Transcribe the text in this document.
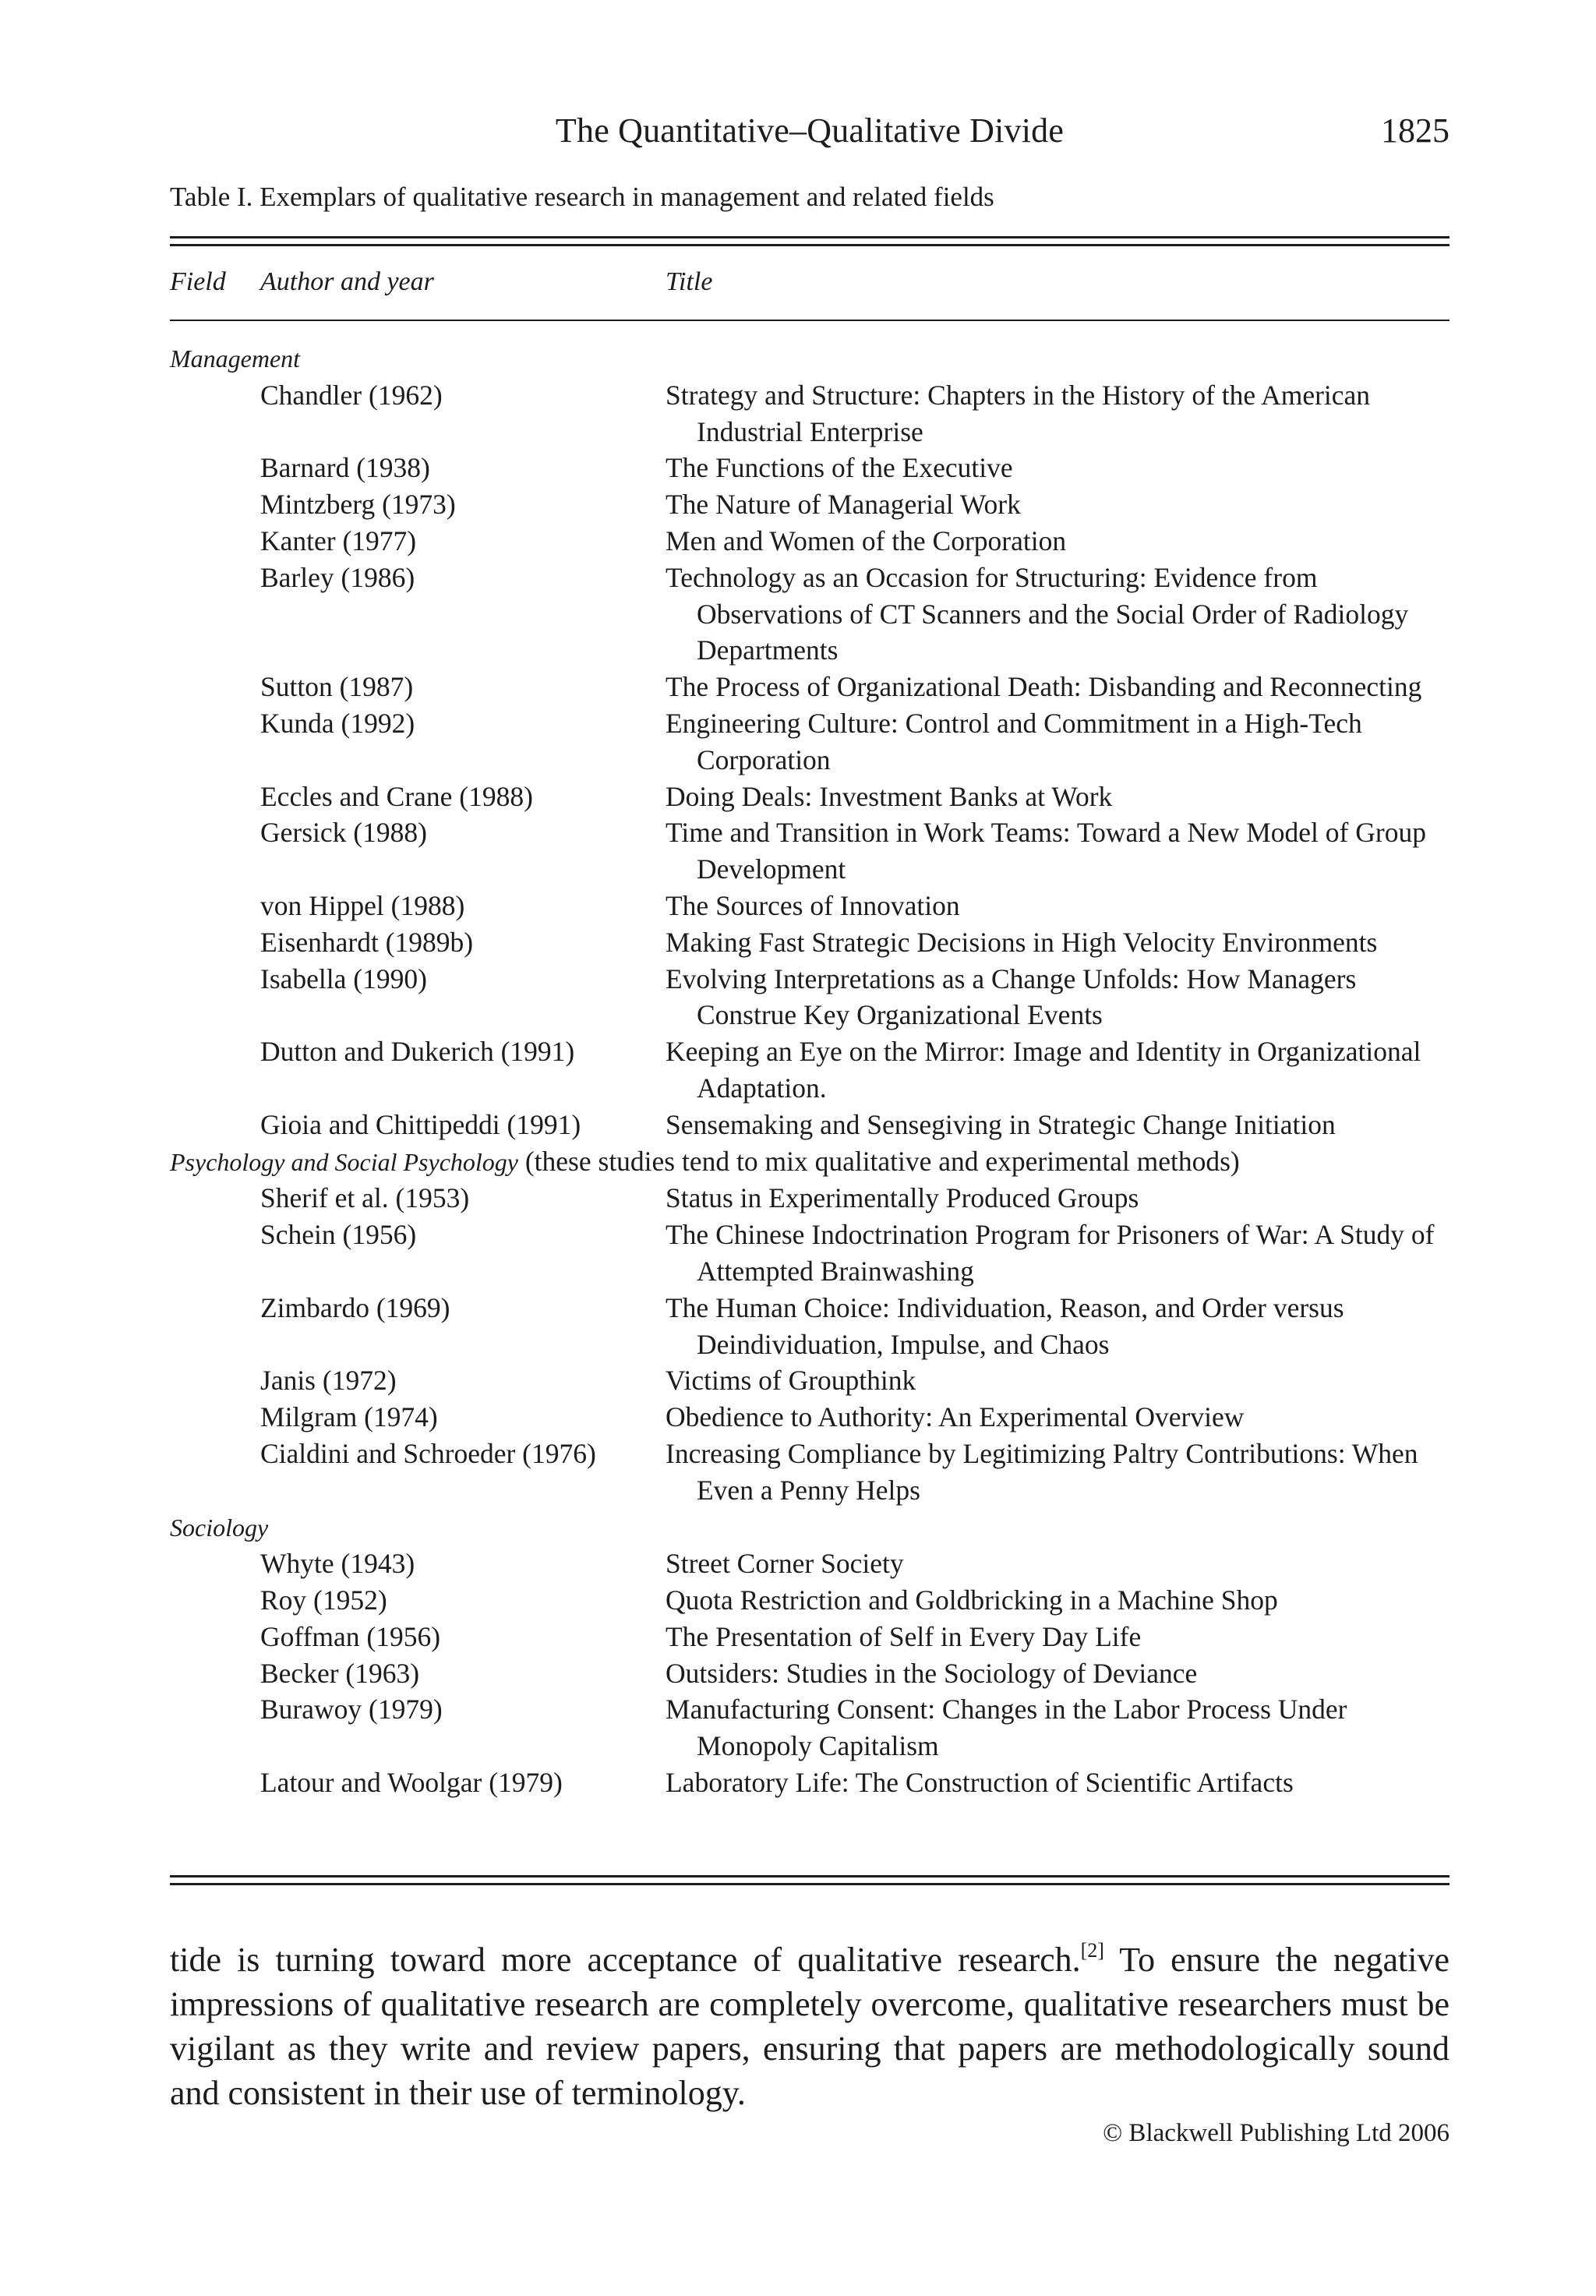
The Quantitative–Qualitative Divide	1825
Table I. Exemplars of qualitative research in management and related fields
Field Author and year	Title
Management
Chandler (1962)	Strategy and Structure: Chapters in the History of the American Industrial Enterprise
Barnard (1938)	The Functions of the Executive
Mintzberg (1973)	The Nature of Managerial Work
Kanter (1977)	Men and Women of the Corporation
Barley (1986)	Technology as an Occasion for Structuring: Evidence from Observations of CT Scanners and the Social Order of Radiology Departments
Sutton (1987)	The Process of Organizational Death: Disbanding and Reconnecting
Kunda (1992)	Engineering Culture: Control and Commitment in a High-Tech Corporation
Eccles and Crane (1988)	Doing Deals: Investment Banks at Work
Gersick (1988)	Time and Transition in Work Teams: Toward a New Model of Group Development
von Hippel (1988)	The Sources of Innovation
Eisenhardt (1989b)	Making Fast Strategic Decisions in High Velocity Environments
Isabella (1990)	Evolving Interpretations as a Change Unfolds: How Managers Construe Key Organizational Events
Dutton and Dukerich (1991)	Keeping an Eye on the Mirror: Image and Identity in Organizational Adaptation.
Gioia and Chittipeddi (1991)	Sensemaking and Sensegiving in Strategic Change Initiation
Psychology and Social Psychology (these studies tend to mix qualitative and experimental methods)
Sherif et al. (1953)	Status in Experimentally Produced Groups
Schein (1956)	The Chinese Indoctrination Program for Prisoners of War: A Study of Attempted Brainwashing
Zimbardo (1969)	The Human Choice: Individuation, Reason, and Order versus Deindividuation, Impulse, and Chaos
Janis (1972)	Victims of Groupthink
Milgram (1974)	Obedience to Authority: An Experimental Overview
Cialdini and Schroeder (1976)	Increasing Compliance by Legitimizing Paltry Contributions: When Even a Penny Helps
Sociology
Whyte (1943)	Street Corner Society
Roy (1952)	Quota Restriction and Goldbricking in a Machine Shop
Goffman (1956)	The Presentation of Self in Every Day Life
Becker (1963)	Outsiders: Studies in the Sociology of Deviance
Burawoy (1979)	Manufacturing Consent: Changes in the Labor Process Under Monopoly Capitalism
Latour and Woolgar (1979)	Laboratory Life: The Construction of Scientific Artifacts

tide is turning toward more acceptance of qualitative research.[2] To ensure the negative impressions of qualitative research are completely overcome, qualitative researchers must be vigilant as they write and review papers, ensuring that papers are methodologically sound and consistent in their use of terminology.

© Blackwell Publishing Ltd 2006
